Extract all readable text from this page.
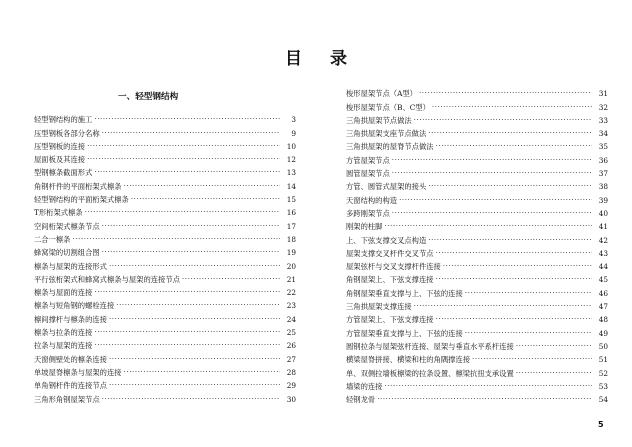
目录
一、轻型钢结构
轻型钢结构的施工 ·····	3
压型钢板各部分名称 ·····	9
压型钢板的连接 ·····	10
屋面板及其连接 ·····	12
型钢檩条截面形式 ·····	13
角钢杆件的平面桁架式檩条 ·····	14
轻型钢结构的平面桁架式檩条 ·····	15
T形桁架式檩条 ·····	16
空间桁架式檩条节点 ·····	17
二合一檩条 ·····	18
蜂窝梁的切割组合图 ·····	19
檩条与屋架的连接形式 ·····	20
平行弦桁架式和蜂窝式檩条与屋架的连接节点 ·····	21
檩条与屋面的连接 ·····	22
檩条与短角钢的螺栓连接 ·····	23
檩间撑杆与檩条的连接 ·····	24
檩条与拉条的连接 ·····	25
拉条与屋架的连接 ·····	26
天窗侧壁处的檩条连接 ·····	27
单坡屋脊檩条与屋架的连接 ·····	28
单角钢杆件的连接节点 ·····	29
三角形角钢屋架节点 ·····	30
梭形屋架节点（A型） ·····	31
梭形屋架节点（B、C型） ·····	32
三角拱屋架节点做法 ·····	33
三角拱屋架支座节点做法 ·····	34
三角拱屋架的屋脊节点做法 ·····	35
方管屋架节点 ·····	36
圆管屋架节点 ·····	37
方管、圆管式屋架的接头 ·····	38
天窗结构的构造 ·····	39
多跨刚架节点 ·····	40
刚架的柱脚 ·····	41
上、下弦支撑交叉点构造 ·····	42
屋架支撑交叉杆件交叉节点 ·····	43
屋架弦杆与交叉支撑杆件连接 ·····	44
角钢屋架上、下弦支撑连接 ·····	45
角钢屋架垂直支撑与上、下弦的连接 ·····	46
三角拱屋架支撑连接 ·····	47
方管屋架上、下弦支撑连接 ·····	48
方管屋架垂直支撑与上、下弦的连接 ·····	49
圆钢拉条与屋架弦杆连接、屋架与垂直水平系杆连接 ·····	50
横梁屋脊拼接、横梁和柱的角隅撑连接 ·····	51
单、双侧拉墙板檩梁的拉条设置、檩梁抗扭支承设置 ·····	52
墙梁的连接 ·····	53
轻钢龙骨 ·····	54
5
